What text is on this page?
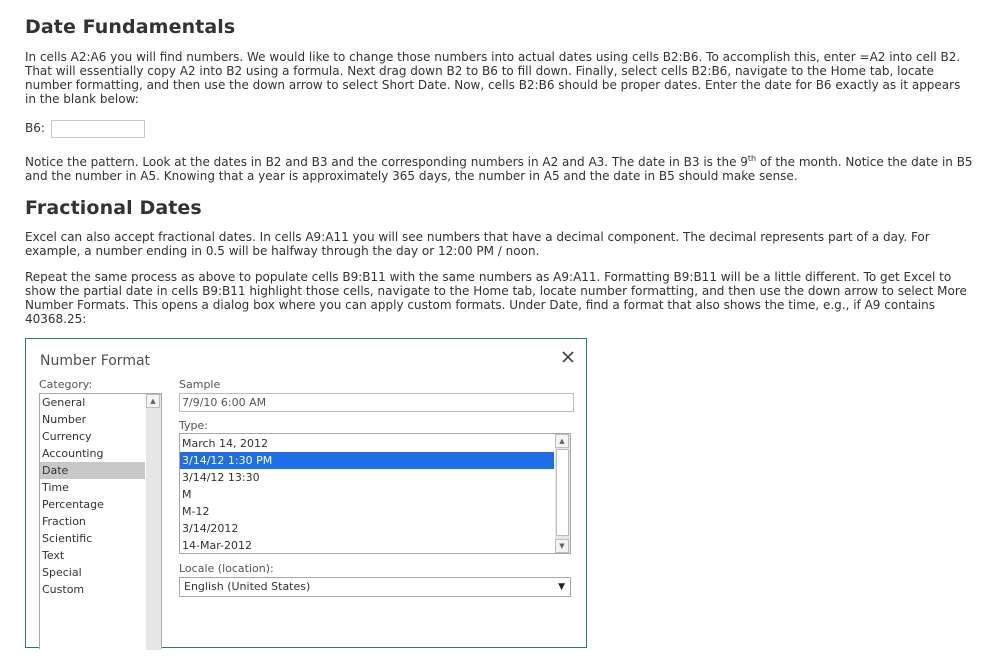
Date Fundamentals

In cells A2:A6 you will find numbers. We would like to change those numbers into actual dates using cells B2:B6. To accomplish this, enter =A2 into cell B2. That will essentially copy A2 into B2 using a formula. Next drag down B2 to B6 to fill down. Finally, select cells B2:B6, navigate to the Home tab, locate number formatting, and then use the down arrow to select Short Date. Now, cells B2:B6 should be proper dates. Enter the date for B6 exactly as it appears in the blank below:

B6:

Notice the pattern. Look at the dates in B2 and B3 and the corresponding numbers in A2 and A3. The date in B3 is the 9th of the month. Notice the date in B5 and the number in A5. Knowing that a year is approximately 365 days, the number in A5 and the date in B5 should make sense.

Fractional Dates

Excel can also accept fractional dates. In cells A9:A11 you will see numbers that have a decimal component. The decimal represents part of a day. For example, a number ending in 0.5 will be halfway through the day or 12:00 PM / noon.

Repeat the same process as above to populate cells B9:B11 with the same numbers as A9:A11. Formatting B9:B11 will be a little different. To get Excel to show the partial date in cells B9:B11 highlight those cells, navigate to the Home tab, locate number formatting, and then use the down arrow to select More Number Formats. This opens a dialog box where you can apply custom formats. Under Date, find a format that also shows the time, e.g., if A9 contains 40368.25:

Number Format
Category:
General
Number
Currency
Accounting
Date
Time
Percentage
Fraction
Scientific
Text
Special
Custom
▲
Sample
7/9/10 6:00 AM
Type:
March 14, 2012
3/14/12 1:30 PM
3/14/12 13:30
M
M-12
3/14/2012
14-Mar-2012
▲
▼
Locale (location):
English (United States)	▼
